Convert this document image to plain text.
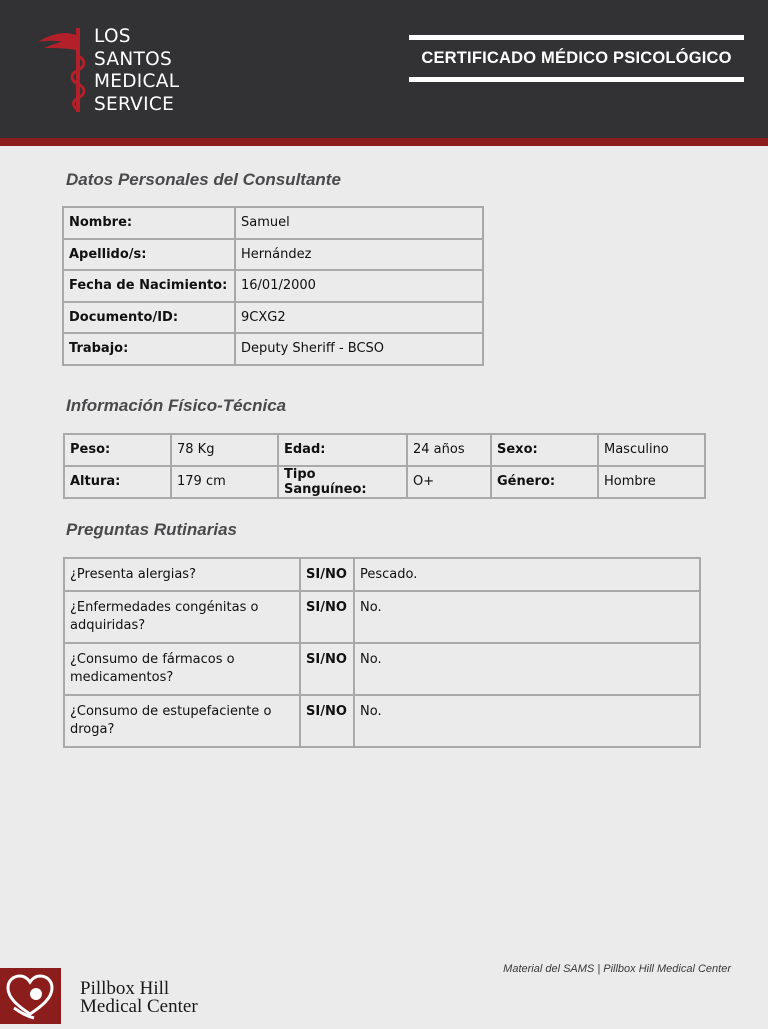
LOS
SANTOS
MEDICAL
SERVICE
CERTIFICADO MÉDICO PSICOLÓGICO
Datos Personales del Consultante
Nombre:	Samuel
Apellido/s:	Hernández
Fecha de Nacimiento:	16/01/2000
Documento/ID:	9CXG2
Trabajo:	Deputy Sheriff - BCSO
Información Físico-Técnica
Peso:	78 Kg	Edad:	24 años	Sexo:	Masculino
Altura:	179 cm	Tipo Sanguíneo:	O+	Género:	Hombre
Preguntas Rutinarias
¿Presenta alergias?	SI/NO	Pescado.
¿Enfermedades congénitas o adquiridas?	SI/NO	No.
¿Consumo de fármacos o medicamentos?	SI/NO	No.
¿Consumo de estupefaciente o droga?	SI/NO	No.
Material del SAMS | Pillbox Hill Medical Center
Pillbox Hill
Medical Center
